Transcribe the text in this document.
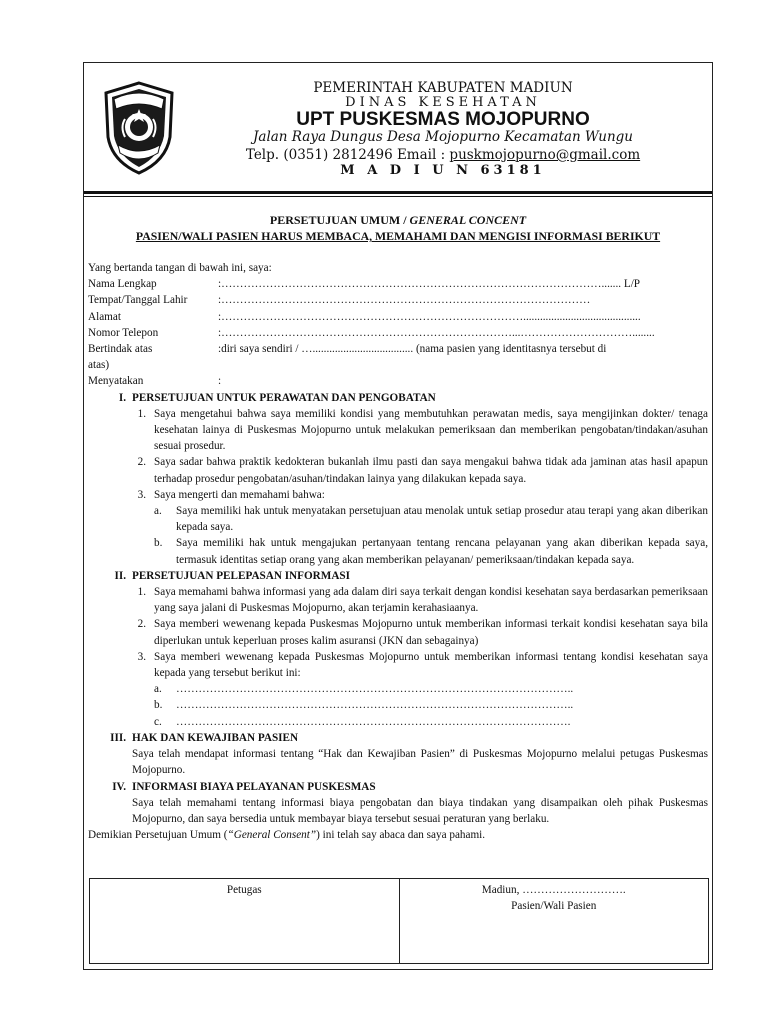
PEMERINTAH KABUPATEN MADIUN
DINAS KESEHATAN
UPT PUSKESMAS MOJOPURNO
Jalan Raya Dungus Desa Mojopurno Kecamatan Wungu
Telp. (0351) 2812496 Email : puskmojopurno@gmail.com
M A D I U N 63181
PERSETUJUAN UMUM / GENERAL CONCENT
PASIEN/WALI PASIEN HARUS MEMBACA, MEMAHAMI DAN MENGISI INFORMASI BERIKUT
Yang bertanda tangan di bawah ini, saya:
Nama Lengkap	:…………………………………………………………………………………………....... L/P
Tempat/Tanggal Lahir	:………………………………………………………………………………………
Alamat	:………………………………………………………………………..........................................
Nomor Telepon	:……………………………………………………………………...…………………………........
Bertindak atas	:diri saya sendiri / ….................................... (nama pasien yang identitasnya tersebut di
atas)
Menyatakan	:
I. PERSETUJUAN UNTUK PERAWATAN DAN PENGOBATAN
1. Saya mengetahui bahwa saya memiliki kondisi yang membutuhkan perawatan medis, saya mengijinkan dokter/ tenaga kesehatan lainya di Puskesmas Mojopurno untuk melakukan pemeriksaan dan memberikan pengobatan/tindakan/asuhan sesuai prosedur.
2. Saya sadar bahwa praktik kedokteran bukanlah ilmu pasti dan saya mengakui bahwa tidak ada jaminan atas hasil apapun terhadap prosedur pengobatan/asuhan/tindakan lainya yang dilakukan kepada saya.
3. Saya mengerti dan memahami bahwa:
a.	Saya memiliki hak untuk menyatakan persetujuan atau menolak untuk setiap prosedur atau terapi yang akan diberikan kepada saya.
b.	Saya memiliki hak untuk mengajukan pertanyaan tentang rencana pelayanan yang akan diberikan kepada saya, termasuk identitas setiap orang yang akan memberikan pelayanan/ pemeriksaan/tindakan kepada saya.
II. PERSETUJUAN PELEPASAN INFORMASI
1. Saya memahami bahwa informasi yang ada dalam diri saya terkait dengan kondisi kesehatan saya berdasarkan pemeriksaan yang saya jalani di Puskesmas Mojopurno, akan terjamin kerahasiaanya.
2. Saya memberi wewenang kepada Puskesmas Mojopurno untuk memberikan informasi terkait kondisi kesehatan saya bila diperlukan untuk keperluan proses kalim asuransi (JKN dan sebagainya)
3. Saya memberi wewenang kepada Puskesmas Mojopurno untuk memberikan informasi tentang kondisi kesehatan saya kepada yang tersebut berikut ini:
a.	……………………………………………………………………………………………..
b.	……………………………………………………………………………………………..
c.	…………………………………………………………………………………………….
III. HAK DAN KEWAJIBAN PASIEN
Saya telah mendapat informasi tentang “Hak dan Kewajiban Pasien” di Puskesmas Mojopurno melalui petugas Puskesmas Mojopurno.
IV. INFORMASI BIAYA PELAYANAN PUSKESMAS
Saya telah memahami tentang informasi biaya pengobatan dan biaya tindakan yang disampaikan oleh pihak Puskesmas Mojopurno, dan saya bersedia untuk membayar biaya tersebut sesuai peraturan yang berlaku.
Demikian Persetujuan Umum (“General Consent”) ini telah say abaca dan saya pahami.
Petugas	Madiun, ……………………….
Pasien/Wali Pasien
